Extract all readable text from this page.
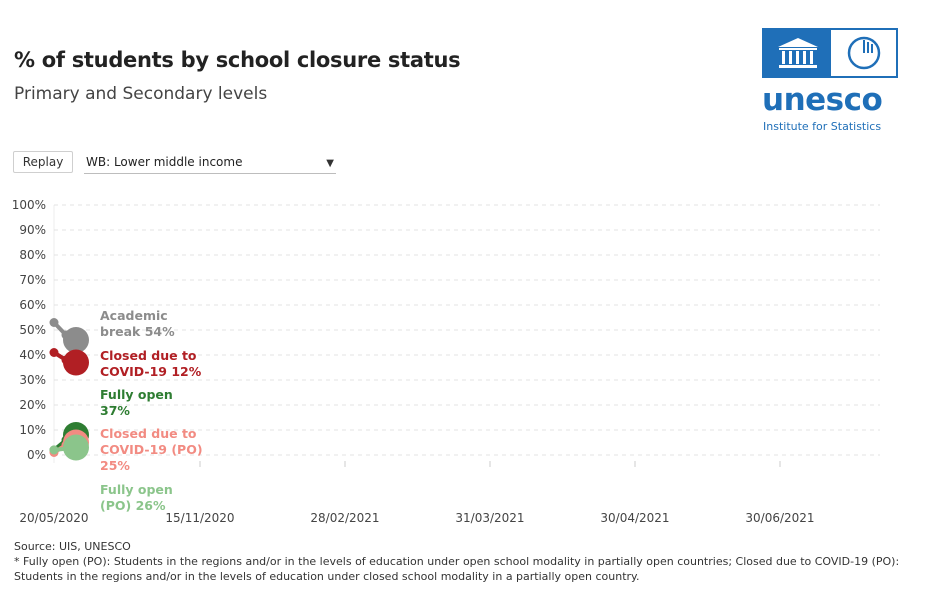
% of students by school closure status
Primary and Secondary levels	unesco
Institute for Statistics
Replay	WB: Lower middle income	▼
0%
10%
20%
30%
40%
50%
60%
70%
80%
90%
100%
20/05/2020	15/11/2020	28/02/2021	31/03/2021	30/04/2021	30/06/2021
Academic
break 54%
Closed due to
COVID-19 12%
Fully open
37%
Closed due to
COVID-19 (PO)
25%
Fully open
(PO) 26%
Source: UIS, UNESCO
* Fully open (PO): Students in the regions and/or in the levels of education under open school modality in partially open countries; Closed due to COVID-19 (PO): Students in the regions and/or in the levels of education under closed school modality in a partially open country.
